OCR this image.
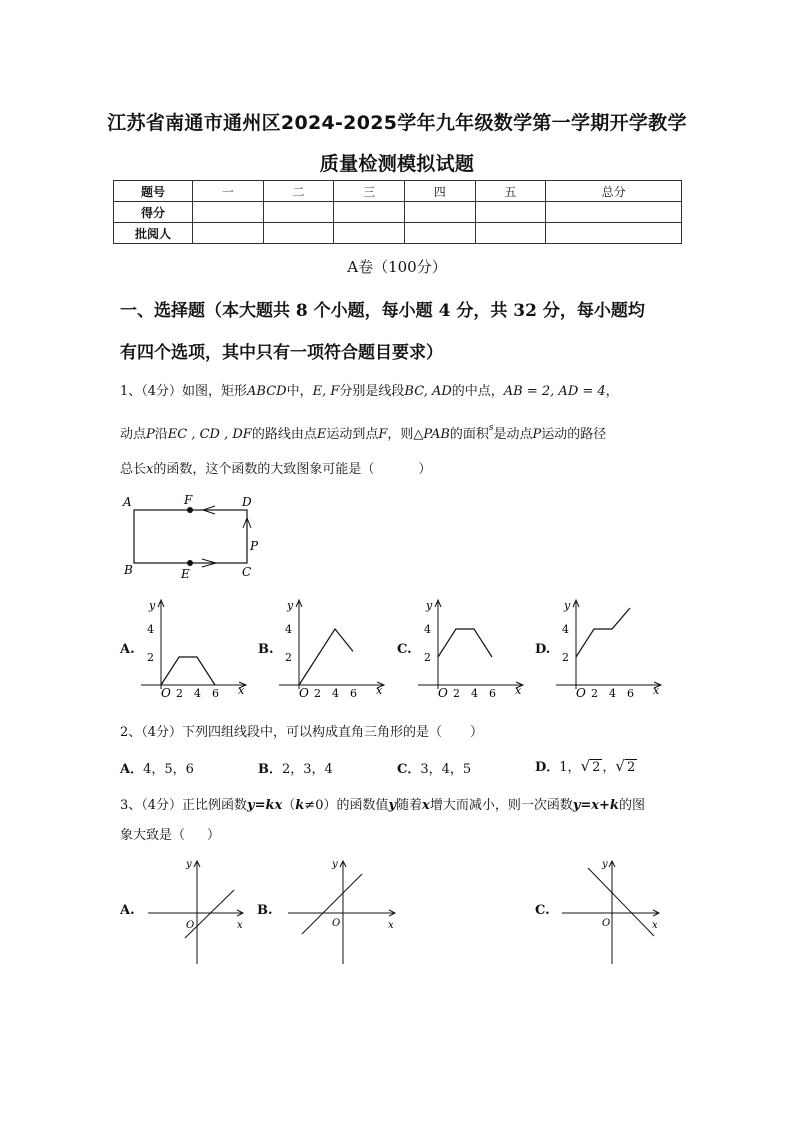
江苏省南通市通州区2024-2025学年九年级数学第一学期开学教学
质量检测模拟试题
题号	一	二	三	四	五	总分
得分						
批阅人						
A卷（100分）
一、选择题（本大题共 8 个小题，每小题 4 分，共 32 分，每小题均
有四个选项，其中只有一项符合题目要求）
1、（4分）如图，矩形ABCD中，E, F分别是线段BC, AD的中点，AB = 2, AD = 4，
动点P沿EC , CD , DF的路线由点E运动到点F，则△PAB的面积$^s$是动点P运动的路径
总长x的函数，这个函数的大致图象可能是（	）
A	F	D
P
B	E	C
A.	B.	C.	D.
y
x
O
2
4
2 4 6
y
x
O
2
4
2 4 6
y
x
O
2
4
2 4 6
y
x
O
2
4
2 4 6
2、（4分）下列四组线段中，可以构成直角三角形的是（ ）
A．4，5，6	B．2，3，4	C．3，4，5	D．1，√ 2 ，√ 2
3、（4分）正比例函数y=kx（k≠0）的函数值y随着x增大而减小，则一次函数y=x+k的图
象大致是（ ）
A.	B.	C.
O	x
y
O	x
y
O	x
y
